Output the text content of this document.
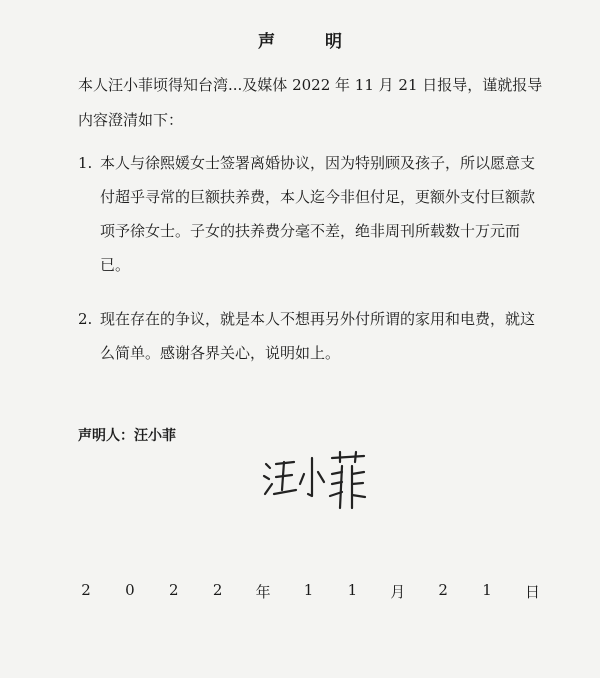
声 明
本人汪小菲顷得知台湾...及媒体 2022 年 11 月 21 日报导，谨就报导内容澄清如下：
1. 本人与徐熙媛女士签署离婚协议，因为特别顾及孩子，所以愿意支付超乎寻常的巨额扶养费，本人迄今非但付足，更额外支付巨额款项予徐女士。子女的扶养费分毫不差，绝非周刊所载数十万元而已。
2. 现在存在的争议，就是本人不想再另外付所谓的家用和电费，就这么简单。感谢各界关心，说明如上。
声明人：汪小菲
2 0 2 2 年 1 1 月 2 1 日
